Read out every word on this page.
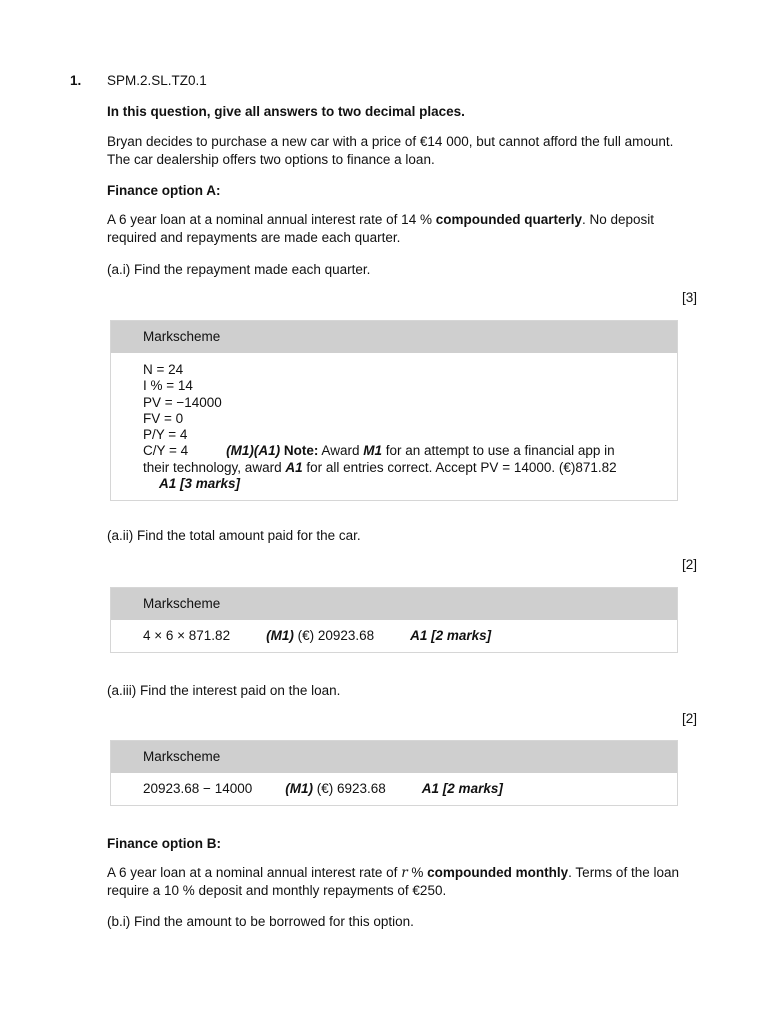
1. SPM.2.SL.TZ0.1
In this question, give all answers to two decimal places.
Bryan decides to purchase a new car with a price of €14 000, but cannot afford the full amount.
The car dealership offers two options to finance a loan.
Finance option A:
A 6 year loan at a nominal annual interest rate of 14 % compounded quarterly. No deposit
required and repayments are made each quarter.
(a.i) Find the repayment made each quarter.
[3]
Markscheme
N = 24
I % = 14
PV = −14000
FV = 0
P/Y = 4
C/Y = 4	(M1)(A1) Note: Award M1 for an attempt to use a financial app in
their technology, award A1 for all entries correct. Accept PV = 14000. (€)871.82
A1 [3 marks]
(a.ii) Find the total amount paid for the car.
[2]
Markscheme
4 × 6 × 871.82	(M1) (€) 20923.68	A1 [2 marks]
(a.iii) Find the interest paid on the loan.
[2]
Markscheme
20923.68 − 14000 (M1) (€) 6923.68	A1 [2 marks]
Finance option B:
A 6 year loan at a nominal annual interest rate of r % compounded monthly. Terms of the loan
require a 10 % deposit and monthly repayments of €250.
(b.i) Find the amount to be borrowed for this option.
